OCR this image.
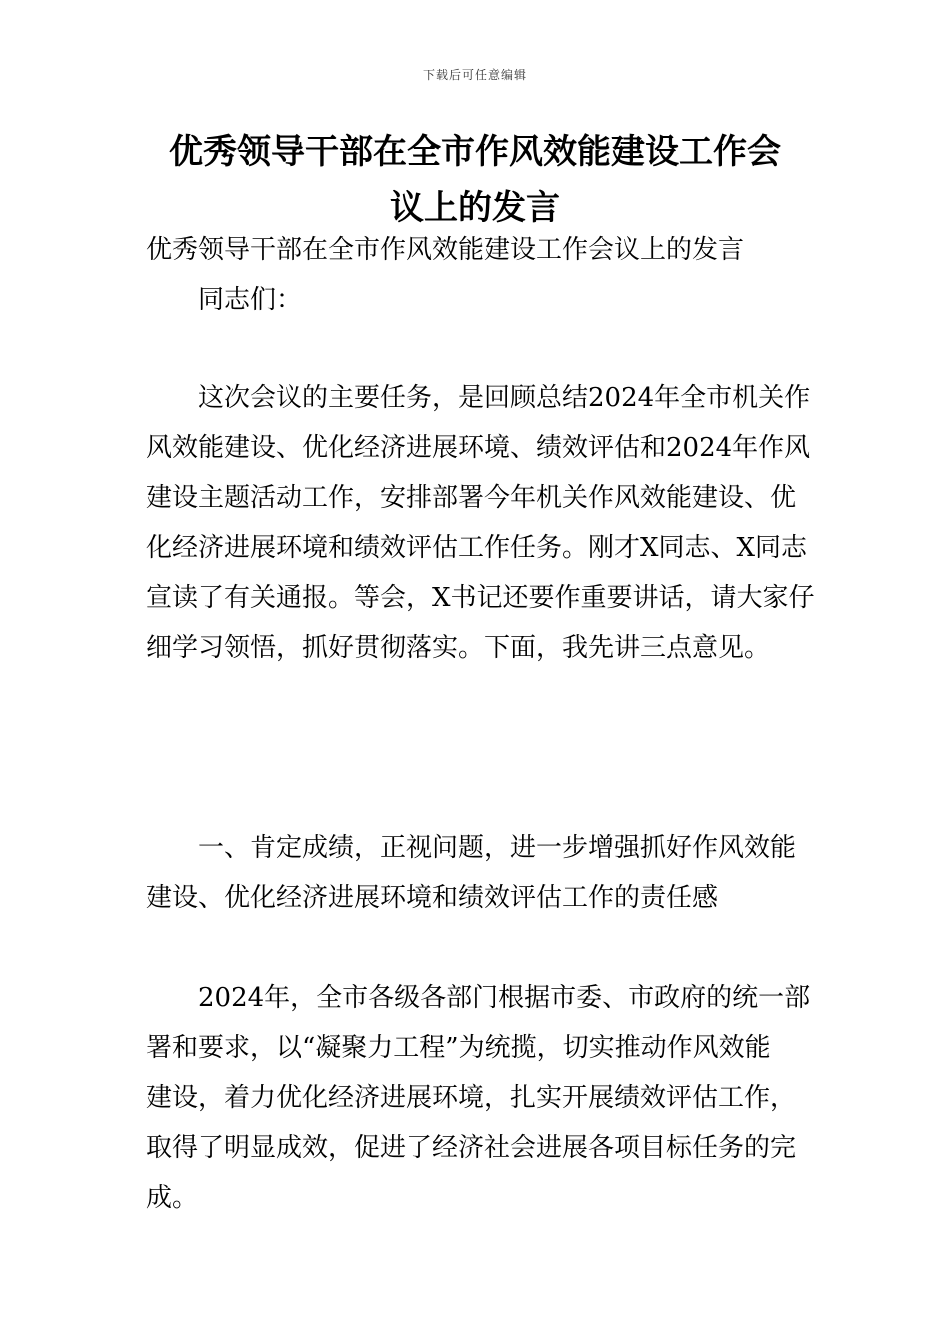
下载后可任意编辑
优秀领导干部在全市作风效能建设工作会
议上的发言
优秀领导干部在全市作风效能建设工作会议上的发言
同志们：
这次会议的主要任务，是回顾总结2024年全市机关作
风效能建设、优化经济进展环境、绩效评估和2024年作风
建设主题活动工作，安排部署今年机关作风效能建设、优
化经济进展环境和绩效评估工作任务。刚才X同志、X同志
宣读了有关通报。等会，X书记还要作重要讲话，请大家仔
细学习领悟，抓好贯彻落实。下面，我先讲三点意见。
一、肯定成绩，正视问题，进一步增强抓好作风效能
建设、优化经济进展环境和绩效评估工作的责任感
2024年，全市各级各部门根据市委、市政府的统一部
署和要求，以“凝聚力工程”为统揽，切实推动作风效能
建设，着力优化经济进展环境，扎实开展绩效评估工作，
取得了明显成效，促进了经济社会进展各项目标任务的完
成。
